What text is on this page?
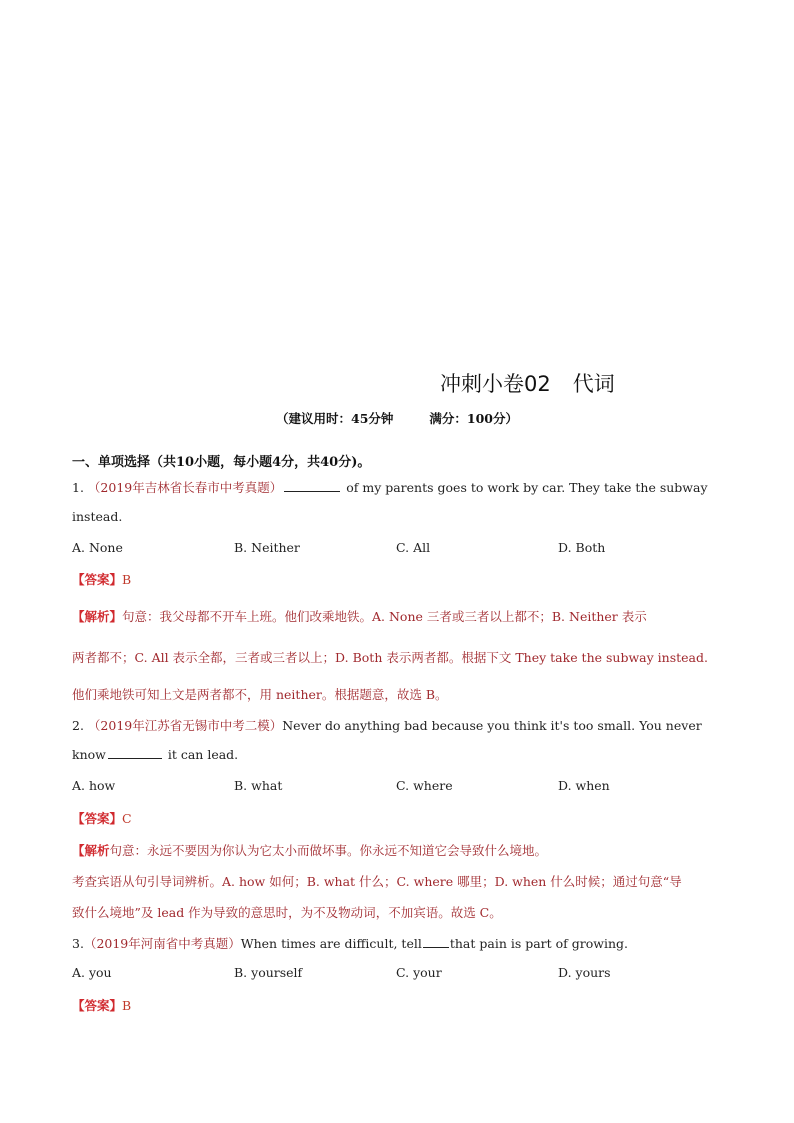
冲刺小卷02 代词
（建议用时：45分钟	满分：100分）
一、单项选择（共10小题，每小题4分，共40分)。
1. （2019年吉林省长春市中考真题）	of my parents goes to work by car. They take the subway
instead.
A. None	B. Neither	C. All	D. Both
【答案】B
【解析】句意：我父母都不开车上班。他们改乘地铁。A. None 三者或三者以上都不；B. Neither 表示
两者都不；C. All 表示全都，三者或三者以上；D. Both 表示两者都。根据下文 They take the subway instead.
他们乘地铁可知上文是两者都不，用 neither。根据题意，故选 B。
2. （2019年江苏省无锡市中考二模）Never do anything bad because you think it's too small. You never
know	it can lead.
A. how	B. what	C. where	D. when
【答案】C
【解析句意：永远不要因为你认为它太小而做坏事。你永远不知道它会导致什么境地。
考查宾语从句引导词辨析。A. how 如何；B. what 什么；C. where 哪里；D. when 什么时候；通过句意“导
致什么境地”及 lead 作为导致的意思时，为不及物动词，不加宾语。故选 C。
3.（2019年河南省中考真题）When times are difficult, tell that pain is part of growing.
A. you	B. yourself	C. your	D. yours
【答案】B
